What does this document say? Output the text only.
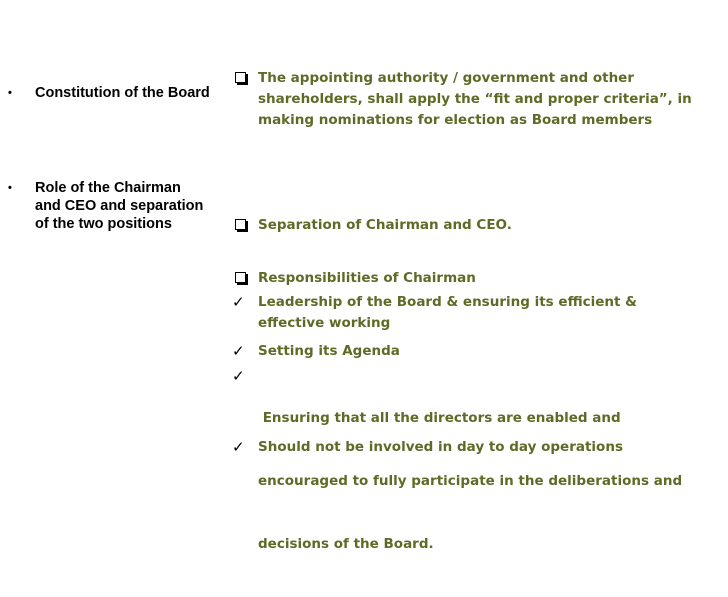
• Constitution of the Board
• Role of the Chairman
and CEO and separation
of the two positions
The appointing authority / government and other
shareholders, shall apply the “fit and proper criteria”, in
making nominations for election as Board members
Separation of Chairman and CEO.
Responsibilities of Chairman
✓ Leadership of the Board & ensuring its efficient &
effective working
✓ Setting its Agenda
✓

Ensuring that all the directors are enabled and

encouraged to fully participate in the deliberations and

decisions of the Board.

✓ Should not be involved in day to day operations
